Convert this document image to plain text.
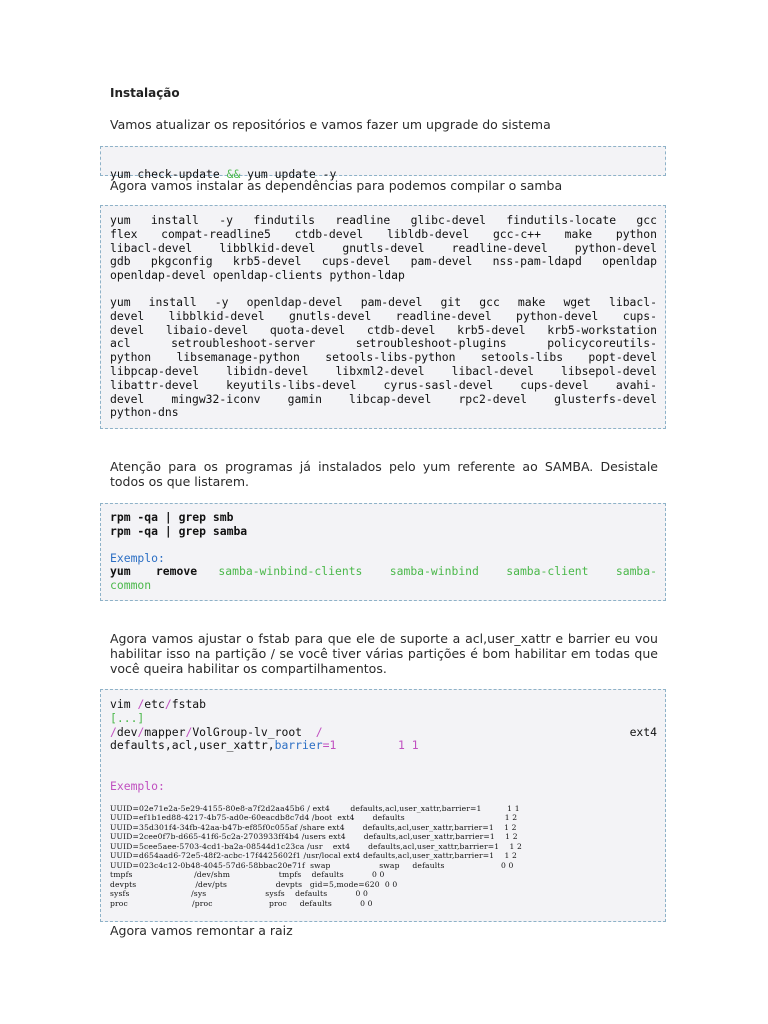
Instalação
Vamos atualizar os repositórios e vamos fazer um upgrade do sistema

yum check-update && yum update -y
Agora vamos instalar as dependências para podemos compilar o samba
yum install -y findutils readline glibc-devel findutils-locate gcc
flex compat-readline5 ctdb-devel libldb-devel gcc-c++ make python
libacl-devel libblkid-devel gnutls-devel readline-devel python-devel
gdb pkgconfig krb5-devel cups-devel pam-devel nss-pam-ldapd openldap
openldap-devel openldap-clients python-ldap
yum install -y openldap-devel pam-devel git gcc make wget libacl-
devel libblkid-devel gnutls-devel readline-devel python-devel cups-
devel libaio-devel quota-devel ctdb-devel krb5-devel krb5-workstation
acl setroubleshoot-server setroubleshoot-plugins policycoreutils-
python libsemanage-python setools-libs-python setools-libs popt-devel
libpcap-devel libidn-devel libxml2-devel libacl-devel libsepol-devel
libattr-devel keyutils-libs-devel cyrus-sasl-devel cups-devel avahi-
devel mingw32-iconv gamin libcap-devel rpc2-devel glusterfs-devel
python-dns
Atenção para os programas já instalados pelo yum referente ao SAMBA. Desistale todos os que listarem.
rpm -qa | grep smb
rpm -qa | grep samba
Exemplo:
yum remove samba-winbind-clients samba-winbind samba-client samba-
common
Agora vamos ajustar o fstab para que ele de suporte a acl,user_xattr e barrier eu vou habilitar isso na partição / se você tiver várias partições é bom habilitar em todas que você queira habilitar os compartilhamentos.
vim /etc/fstab
[...]
/dev/mapper/VolGroup-lv_root  /	ext4
defaults,acl,user_xattr,barrier=1         1 1
Exemplo:
UUID=02e71e2a-5e29-4155-80e8-a7f2d2aa45b6 / ext4        defaults,acl,user_xattr,barrier=1          1 1
UUID=ef1b1ed88-4217-4b75-ad0e-60eacdb8c7d4 /boot  ext4       defaults                                       1 2
UUID=35d301f4-34fb-42aa-b47b-ef85f0c055af /share ext4       defaults,acl,user_xattr,barrier=1    1 2
UUID=2cee0f7b-d665-41f6-5c2a-2703933ff4b4 /users ext4       defaults,acl,user_xattr,barrier=1    1 2
UUID=5cee5aee-5703-4cd1-ba2a-08544d1c23ca /usr    ext4       defaults,acl,user_xattr,barrier=1    1 2
UUID=d654aad6-72e5-48f2-acbc-17f4425602f1 /usr/local ext4 defaults,acl,user_xattr,barrier=1    1 2
UUID=023c4c12-0b48-4045-57d6-58bbac20e71f  swap                   swap     defaults                      0 0
tmpfs                        /dev/shm                   tmpfs    defaults           0 0
devpts                       /dev/pts                   devpts   gid=5,mode=620  0 0
sysfs                        /sys                       sysfs    defaults           0 0
proc                         /proc                      proc     defaults           0 0
Agora vamos remontar a raiz
